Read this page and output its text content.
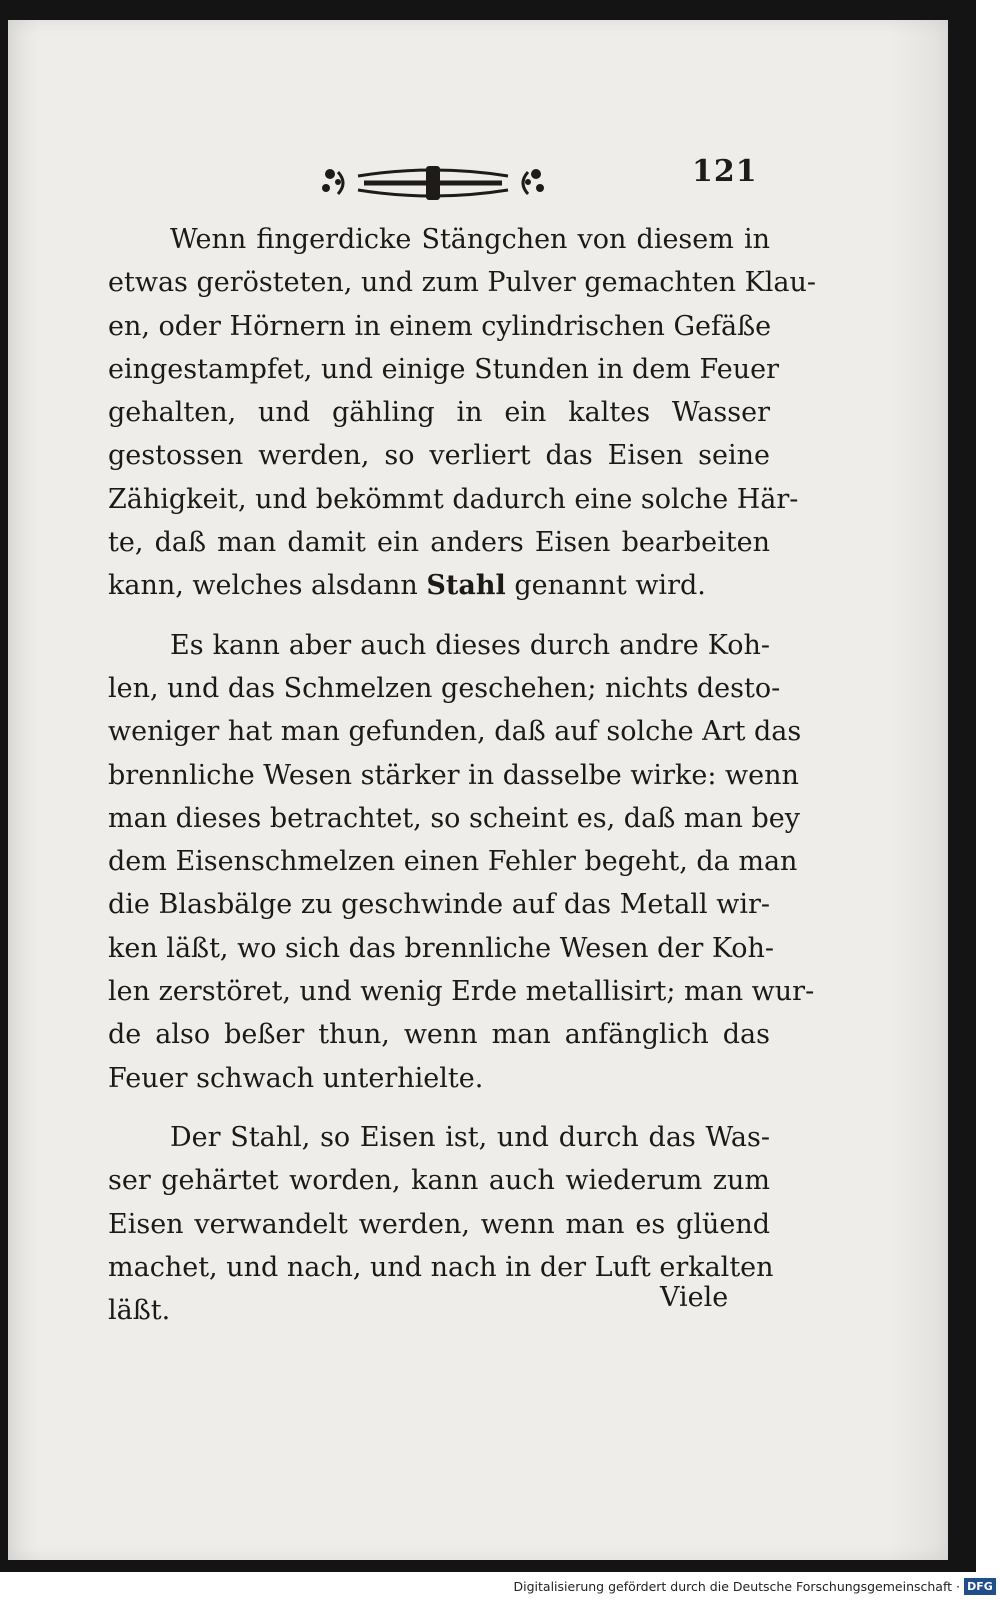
121
Wenn fingerdicke Stängchen von diesem in
etwas gerösteten, und zum Pulver gemachten Klau-
en, oder Hörnern in einem cylindrischen Gefäße
eingestampfet, und einige Stunden in dem Feuer
gehalten, und gähling in ein kaltes Wasser
gestossen werden, so verliert das Eisen seine
Zähigkeit, und bekömmt dadurch eine solche Här-
te, daß man damit ein anders Eisen bearbeiten
kann, welches alsdann Stahl genannt wird.
Es kann aber auch dieses durch andre Koh-
len, und das Schmelzen geschehen; nichts desto-
weniger hat man gefunden, daß auf solche Art das
brennliche Wesen stärker in dasselbe wirke: wenn
man dieses betrachtet, so scheint es, daß man bey
dem Eisenschmelzen einen Fehler begeht, da man
die Blasbälge zu geschwinde auf das Metall wir-
ken läßt, wo sich das brennliche Wesen der Koh-
len zerstöret, und wenig Erde metallisirt; man wur-
de also beßer thun, wenn man anfänglich das
Feuer schwach unterhielte.
Der Stahl, so Eisen ist, und durch das Was-
ser gehärtet worden, kann auch wiederum zum
Eisen verwandelt werden, wenn man es glüend
machet, und nach, und nach in der Luft erkalten
läßt.	Viele
Digitalisierung gefördert durch die Deutsche Forschungsgemeinschaft · DFG
